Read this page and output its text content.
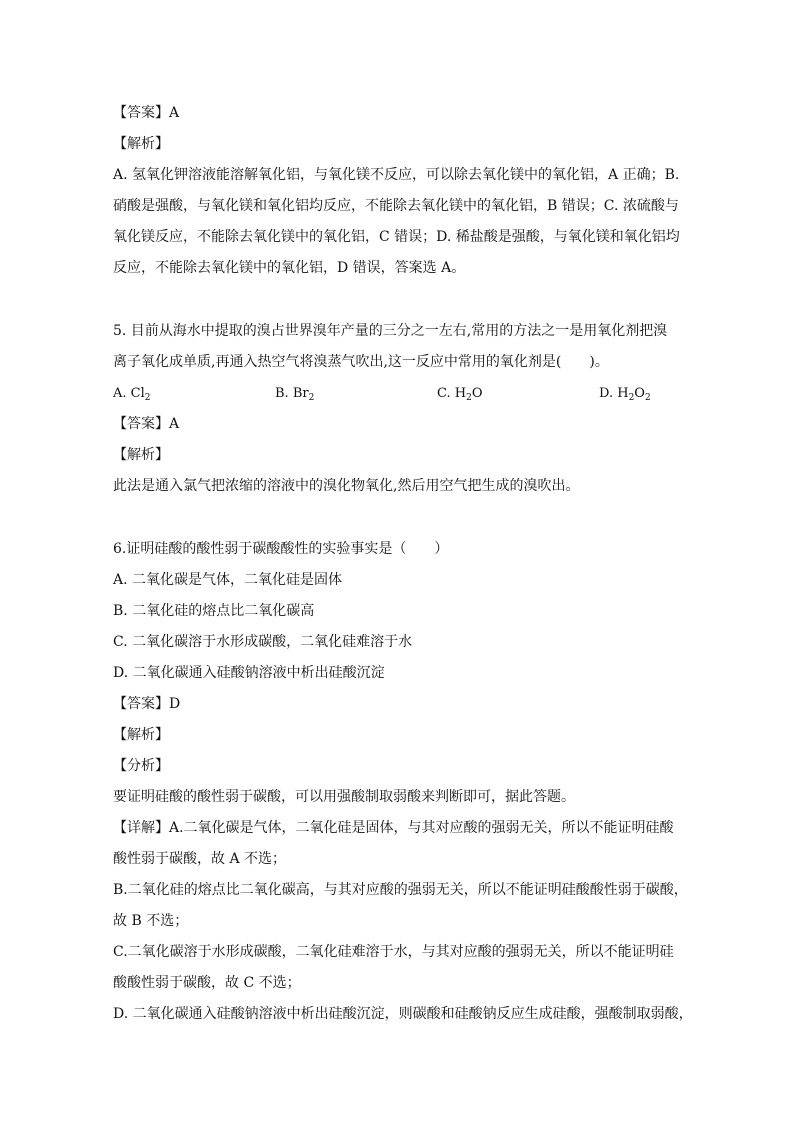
【答案】A
【解析】
A. 氢氧化钾溶液能溶解氧化铝，与氧化镁不反应，可以除去氧化镁中的氧化铝，A 正确；B.
硝酸是强酸，与氧化镁和氧化铝均反应，不能除去氧化镁中的氧化铝，B 错误；C. 浓硫酸与
氧化镁反应，不能除去氧化镁中的氧化铝，C 错误；D. 稀盐酸是强酸，与氧化镁和氧化铝均
反应，不能除去氧化镁中的氧化铝，D 错误，答案选 A。
5. 目前从海水中提取的溴占世界溴年产量的三分之一左右,常用的方法之一是用氧化剂把溴
离子氧化成单质,再通入热空气将溴蒸气吹出,这一反应中常用的氧化剂是(　　)。
A. $Cl_2$	B. $Br_2$	C. $H_2O$	D. $H_2O_2$
【答案】A
【解析】
此法是通入氯气把浓缩的溶液中的溴化物氧化,然后用空气把生成的溴吹出。
6.证明硅酸的酸性弱于碳酸酸性的实验事实是（　　）
A. 二氧化碳是气体，二氧化硅是固体
B. 二氧化硅的熔点比二氧化碳高
C. 二氧化碳溶于水形成碳酸，二氧化硅难溶于水
D. 二氧化碳通入硅酸钠溶液中析出硅酸沉淀
【答案】D
【解析】
【分析】
要证明硅酸的酸性弱于碳酸，可以用强酸制取弱酸来判断即可，据此答题。
【详解】A.二氧化碳是气体，二氧化硅是固体，与其对应酸的强弱无关，所以不能证明硅酸
酸性弱于碳酸，故 A 不选；
B.二氧化硅的熔点比二氧化碳高，与其对应酸的强弱无关，所以不能证明硅酸酸性弱于碳酸，
故 B 不选；
C.二氧化碳溶于水形成碳酸，二氧化硅难溶于水，与其对应酸的强弱无关，所以不能证明硅
酸酸性弱于碳酸，故 C 不选；
D. 二氧化碳通入硅酸钠溶液中析出硅酸沉淀，则碳酸和硅酸钠反应生成硅酸，强酸制取弱酸，
